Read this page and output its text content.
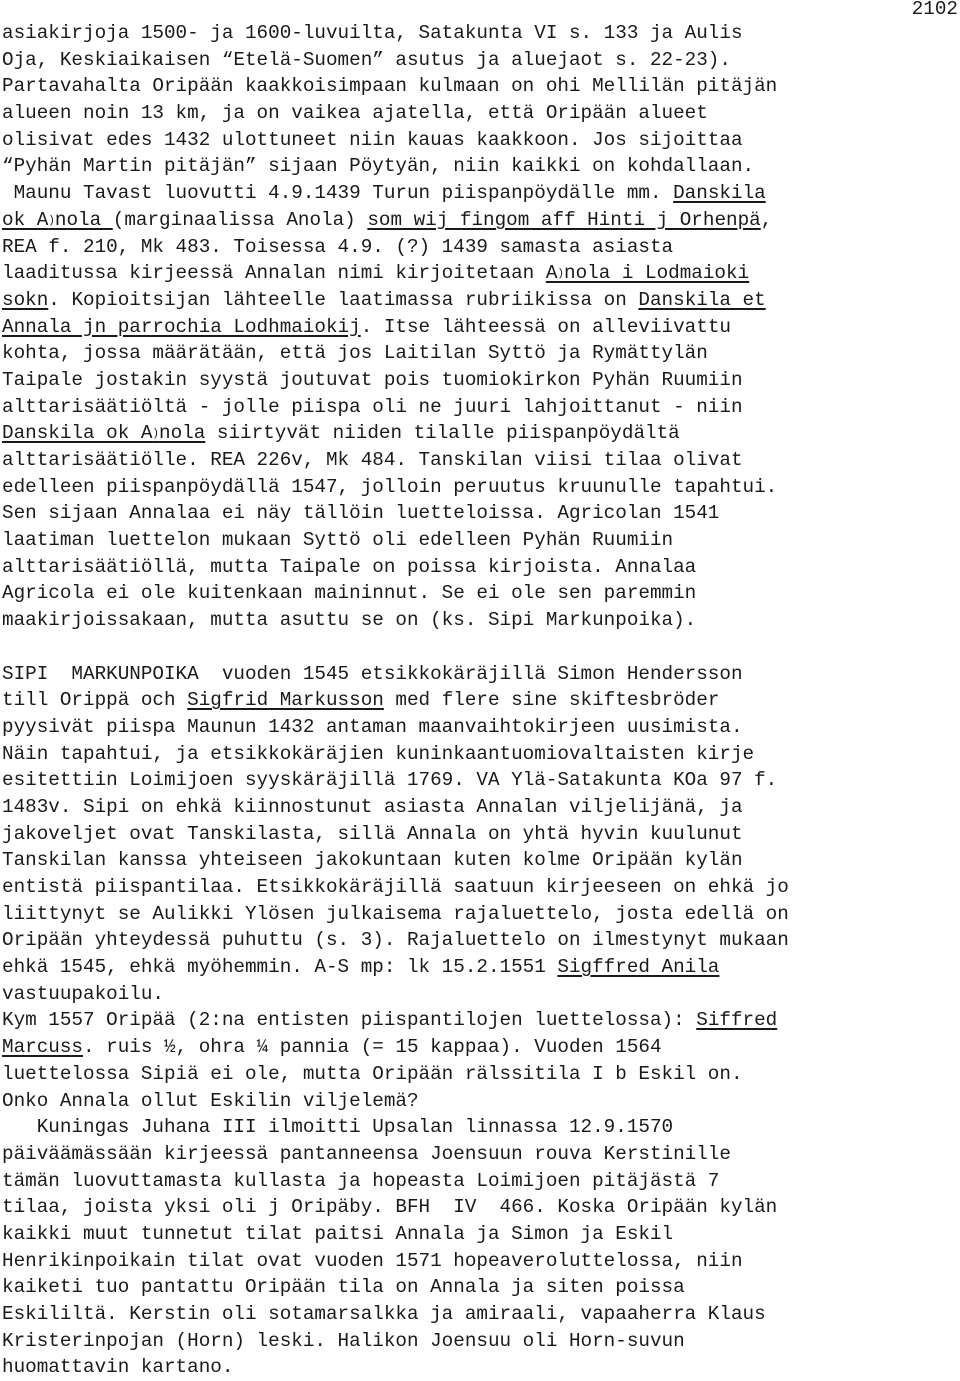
2102
asiakirjoja 1500- ja 1600-luvuilta, Satakunta VI s. 133 ja Aulis
Oja, Keskiaikaisen “Etelä-Suomen” asutus ja aluejaot s. 22-23).
Partavahalta Oripään kaakkoisimpaan kulmaan on ohi Mellilän pitäjän
alueen noin 13 km, ja on vaikea ajatella, että Oripään alueet
olisivat edes 1432 ulottuneet niin kauas kaakkoon. Jos sijoittaa
“Pyhän Martin pitäjän” sijaan Pöytyän, niin kaikki on kohdallaan.
Maunu Tavast luovutti 4.9.1439 Turun piispanpöydälle mm. Danskila
ok A)nola (marginaalissa Anola) som wij fingom aff Hinti j Orhenpä,
REA f. 210, Mk 483. Toisessa 4.9. (?) 1439 samasta asiasta
laaditussa kirjeessä Annalan nimi kirjoitetaan A)nola i Lodmaioki
sokn. Kopioitsijan lähteelle laatimassa rubriikissa on Danskila et
Annala jn parrochia Lodhmaiokij. Itse lähteessä on alleviivattu
kohta, jossa määrätään, että jos Laitilan Syttö ja Rymättylän
Taipale jostakin syystä joutuvat pois tuomiokirkon Pyhän Ruumiin
alttarisäätiöltä - jolle piispa oli ne juuri lahjoittanut - niin
Danskila ok A)nola siirtyvät niiden tilalle piispanpöydältä
alttarisäätiölle. REA 226v, Mk 484. Tanskilan viisi tilaa olivat
edelleen piispanpöydällä 1547, jolloin peruutus kruunulle tapahtui.
Sen sijaan Annalaa ei näy tällöin luetteloissa. Agricolan 1541
laatiman luettelon mukaan Syttö oli edelleen Pyhän Ruumiin
alttarisäätiöllä, mutta Taipale on poissa kirjoista. Annalaa
Agricola ei ole kuitenkaan maininnut. Se ei ole sen paremmin
maakirjoissakaan, mutta asuttu se on (ks. Sipi Markunpoika).
SIPI  MARKUNPOIKA  vuoden 1545 etsikkokäräjillä Simon Hendersson
till Orippä och Sigfrid Markusson med flere sine skiftesbröder
pyysivät piispa Maunun 1432 antaman maanvaihtokirjeen uusimista.
Näin tapahtui, ja etsikkokäräjien kuninkaantuomiovaltaisten kirje
esitettiin Loimijoen syyskäräjillä 1769. VA Ylä-Satakunta KOa 97 f.
1483v. Sipi on ehkä kiinnostunut asiasta Annalan viljelijänä, ja
jakoveljet ovat Tanskilasta, sillä Annala on yhtä hyvin kuulunut
Tanskilan kanssa yhteiseen jakokuntaan kuten kolme Oripään kylän
entistä piispantilaa. Etsikkokäräjillä saatuun kirjeeseen on ehkä jo
liittynyt se Aulikki Ylösen julkaisema rajaluettelo, josta edellä on
Oripään yhteydessä puhuttu (s. 3). Rajaluettelo on ilmestynyt mukaan
ehkä 1545, ehkä myöhemmin. A-S mp: lk 15.2.1551 Sigffred Anila
vastuupakoilu.
Kym 1557 Oripää (2:na entisten piispantilojen luettelossa): Siffred
Marcuss. ruis ½, ohra ¼ pannia (= 15 kappaa). Vuoden 1564
luettelossa Sipiä ei ole, mutta Oripään rälssitila I b Eskil on.
Onko Annala ollut Eskilin viljelemä?
Kuningas Juhana III ilmoitti Upsalan linnassa 12.9.1570
päiväämässään kirjeessä pantanneensa Joensuun rouva Kerstinille
tämän luovuttamasta kullasta ja hopeasta Loimijoen pitäjästä 7
tilaa, joista yksi oli j Oripäby. BFH  IV  466. Koska Oripään kylän
kaikki muut tunnetut tilat paitsi Annala ja Simon ja Eskil
Henrikinpoikain tilat ovat vuoden 1571 hopeaveroluttelossa, niin
kaiketi tuo pantattu Oripään tila on Annala ja siten poissa
Eskililtä. Kerstin oli sotamarsalkka ja amiraali, vapaaherra Klaus
Kristerinpojan (Horn) leski. Halikon Joensuu oli Horn-suvun
huomattavin kartano.
